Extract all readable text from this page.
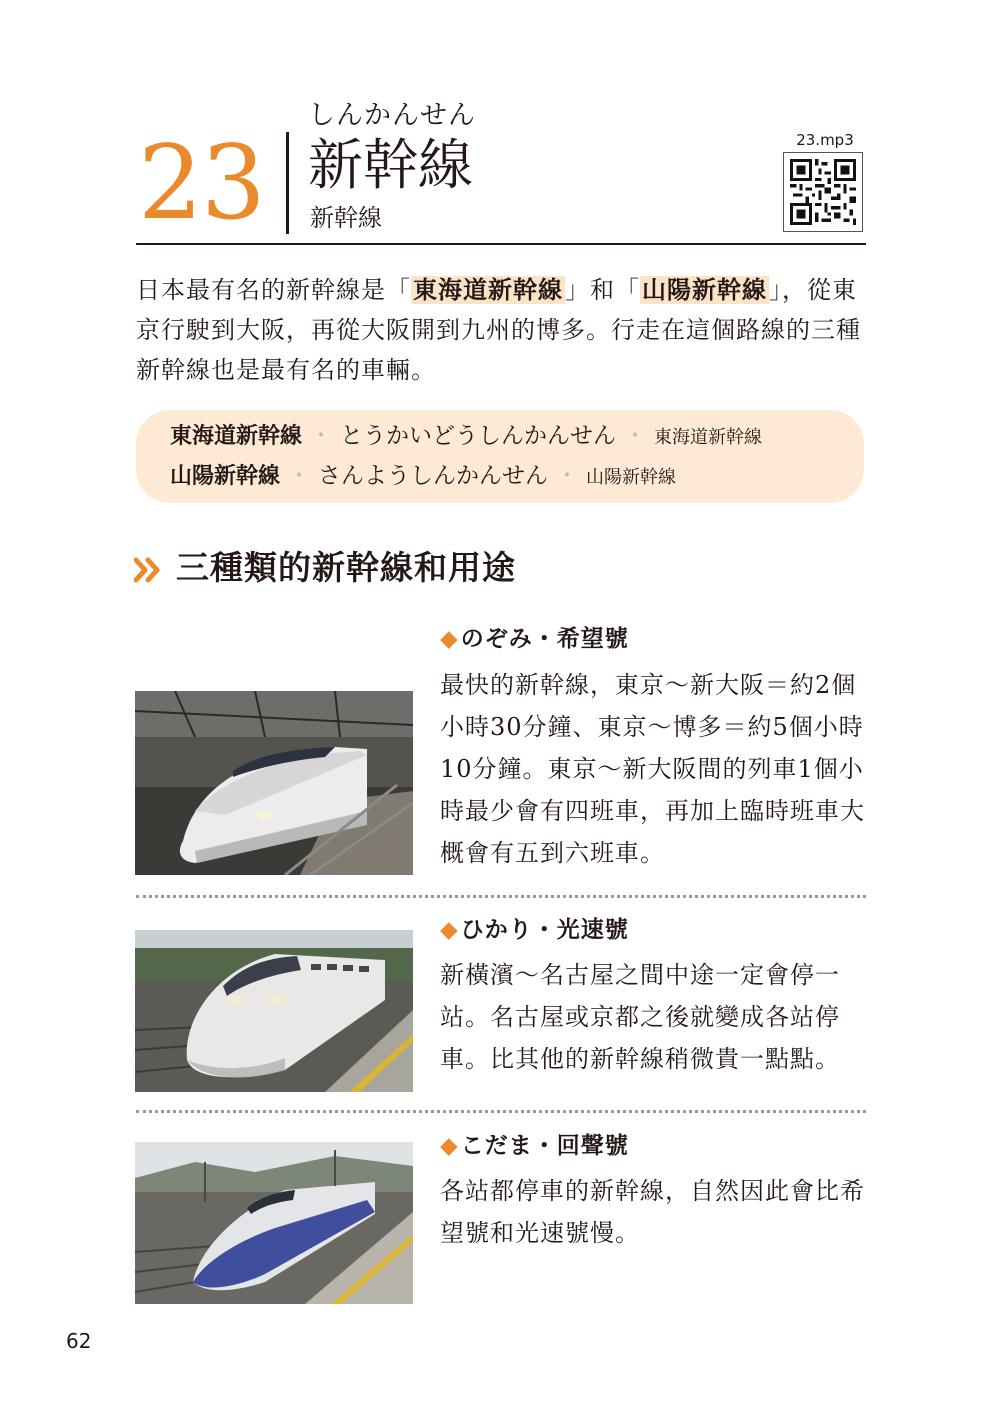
23
しんかんせん
新幹線
新幹線
23.mp3
日本最有名的新幹線是「東海道新幹線」和「山陽新幹線」，從東京行駛到大阪，再從大阪開到九州的博多。行走在這個路線的三種新幹線也是最有名的車輛。
東海道新幹線 ・ とうかいどうしんかんせん ・ 東海道新幹線
山陽新幹線 ・ さんようしんかんせん ・ 山陽新幹線
三種類的新幹線和用途
◆のぞみ・希望號
最快的新幹線，東京～新大阪＝約2個小時30分鐘、東京～博多＝約5個小時10分鐘。東京～新大阪間的列車1個小時最少會有四班車，再加上臨時班車大概會有五到六班車。
◆ひかり・光速號
新橫濱～名古屋之間中途一定會停一站。名古屋或京都之後就變成各站停車。比其他的新幹線稍微貴一點點。
◆こだま・回聲號
各站都停車的新幹線，自然因此會比希望號和光速號慢。
62
